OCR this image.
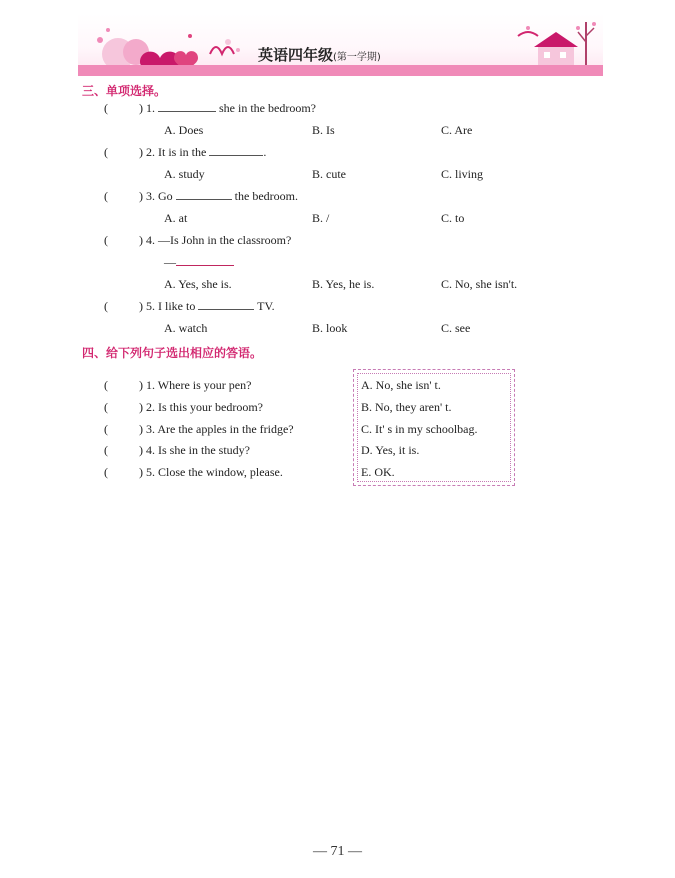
英语四年级(第一学期)
三、单项选择。
(	) 1.	she in the bedroom?
A. Does	B. Is	C. Are
(	) 2. It is in the	.
A. study	B. cute	C. living
(	) 3. Go	the bedroom.
A. at	B. /	C. to
(	) 4. —Is John in the classroom?
—
A. Yes, she is.	B. Yes, he is.	C. No, she isn't.
(	) 5. I like to	TV.
A. watch	B. look	C. see
四、给下列句子选出相应的答语。
(	) 1. Where is your pen?
(	) 2. Is this your bedroom?
(	) 3. Are the apples in the fridge?
(	) 4. Is she in the study?
(	) 5. Close the window, please.
A. No, she isn' t.
B. No, they aren' t.
C. It' s in my schoolbag.
D. Yes, it is.
E. OK.
— 71 —
